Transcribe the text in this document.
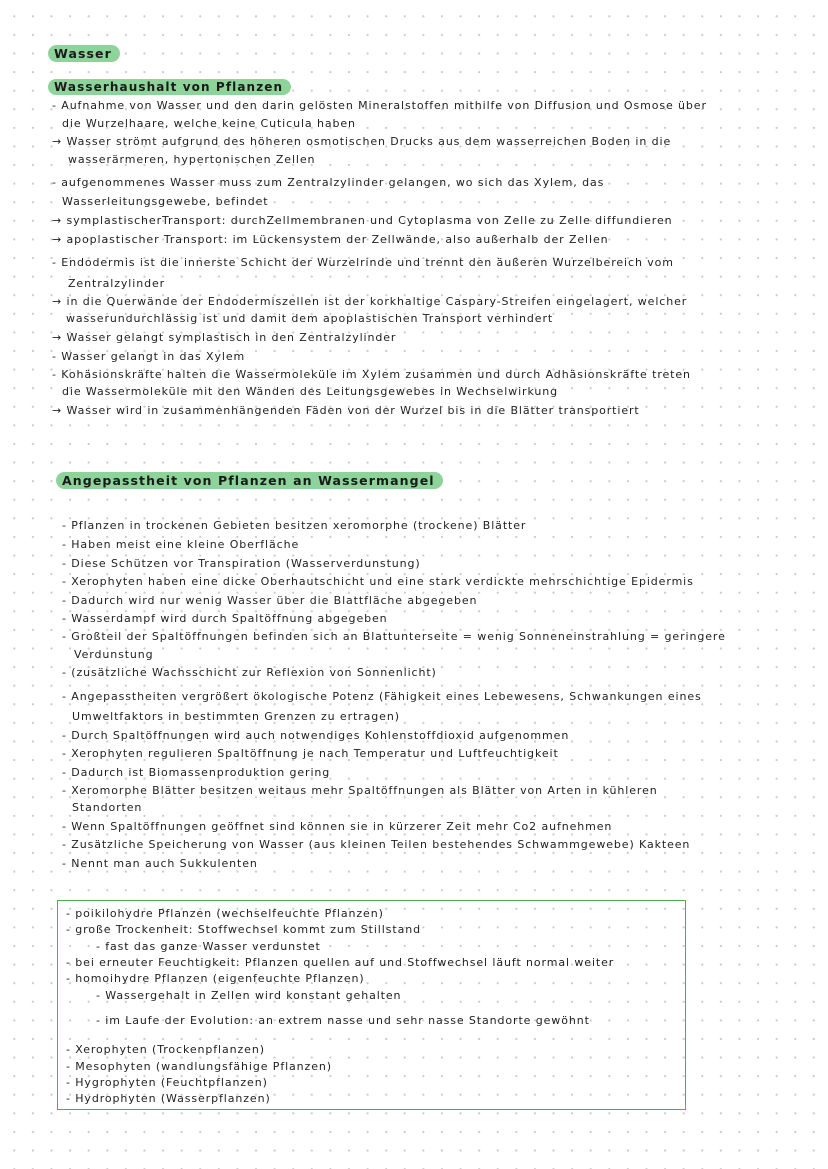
Wasser
Wasserhaushalt von Pflanzen
- Aufnahme von Wasser und den darin gelösten Mineralstoffen mithilfe von Diffusion und Osmose über
die Wurzelhaare, welche keine Cuticula haben
→ Wasser strömt aufgrund des höheren osmotischen Drucks aus dem wasserreichen Boden in die
wasserärmeren, hypertonischen Zellen
- aufgenommenes Wasser muss zum Zentralzylinder gelangen, wo sich das Xylem, das
Wasserleitungsgewebe, befindet
→ symplastischerTransport: durchZellmembranen und Cytoplasma von Zelle zu Zelle diffundieren
→ apoplastischer Transport: im Lückensystem der Zellwände, also außerhalb der Zellen
- Endodermis ist die innerste Schicht der Wurzelrinde und trennt den äußeren Wurzelbereich vom
Zentralzylinder
→ in die Querwände der Endodermiszellen ist der korkhaltige Caspary-Streifen eingelagert, welcher
wasserundurchlässig ist und damit dem apoplastischen Transport verhindert
→ Wasser gelangt symplastisch in den Zentralzylinder
- Wasser gelangt in das Xylem
- Kohäsionskräfte halten die Wassermoleküle im Xylem zusammen und durch Adhäsionskräfte treten
die Wassermoleküle mit den Wänden des Leitungsgewebes in Wechselwirkung
→ Wasser wird in zusammenhängenden Fäden von der Wurzel bis in die Blätter transportiert
Angepasstheit von Pflanzen an Wassermangel
- Pflanzen in trockenen Gebieten besitzen xeromorphe (trockene) Blätter
- Haben meist eine kleine Oberfläche
- Diese Schützen vor Transpiration (Wasserverdunstung)
- Xerophyten haben eine dicke Oberhautschicht und eine stark verdickte mehrschichtige Epidermis
- Dadurch wird nur wenig Wasser über die Blattfläche abgegeben
- Wasserdampf wird durch Spaltöffnung abgegeben
- Großteil der Spaltöffnungen befinden sich an Blattunterseite = wenig Sonneneinstrahlung = geringere
Verdunstung
- (zusätzliche Wachsschicht zur Reflexion von Sonnenlicht)
- Angepasstheiten vergrößert ökologische Potenz (Fähigkeit eines Lebewesens, Schwankungen eines
Umweltfaktors in bestimmten Grenzen zu ertragen)
- Durch Spaltöffnungen wird auch notwendiges Kohlenstoffdioxid aufgenommen
- Xerophyten regulieren Spaltöffnung je nach Temperatur und Luftfeuchtigkeit
- Dadurch ist Biomassenproduktion gering
- Xeromorphe Blätter besitzen weitaus mehr Spaltöffnungen als Blätter von Arten in kühleren
Standorten
- Wenn Spaltöffnungen geöffnet sind können sie in kürzerer Zeit mehr Co2 aufnehmen
- Zusätzliche Speicherung von Wasser (aus kleinen Teilen bestehendes Schwammgewebe) Kakteen
- Nennt man auch Sukkulenten
- poikilohydre Pflanzen (wechselfeuchte Pflanzen)
- große Trockenheit: Stoffwechsel kommt zum Stillstand
- fast das ganze Wasser verdunstet
- bei erneuter Feuchtigkeit: Pflanzen quellen auf und Stoffwechsel läuft normal weiter
- homoihydre Pflanzen (eigenfeuchte Pflanzen)
- Wassergehalt in Zellen wird konstant gehalten
- im Laufe der Evolution: an extrem nasse und sehr nasse Standorte gewöhnt
- Xerophyten (Trockenpflanzen)
- Mesophyten (wandlungsfähige Pflanzen)
- Hygrophyten (Feuchtpflanzen)
- Hydrophyten (Wasserpflanzen)
